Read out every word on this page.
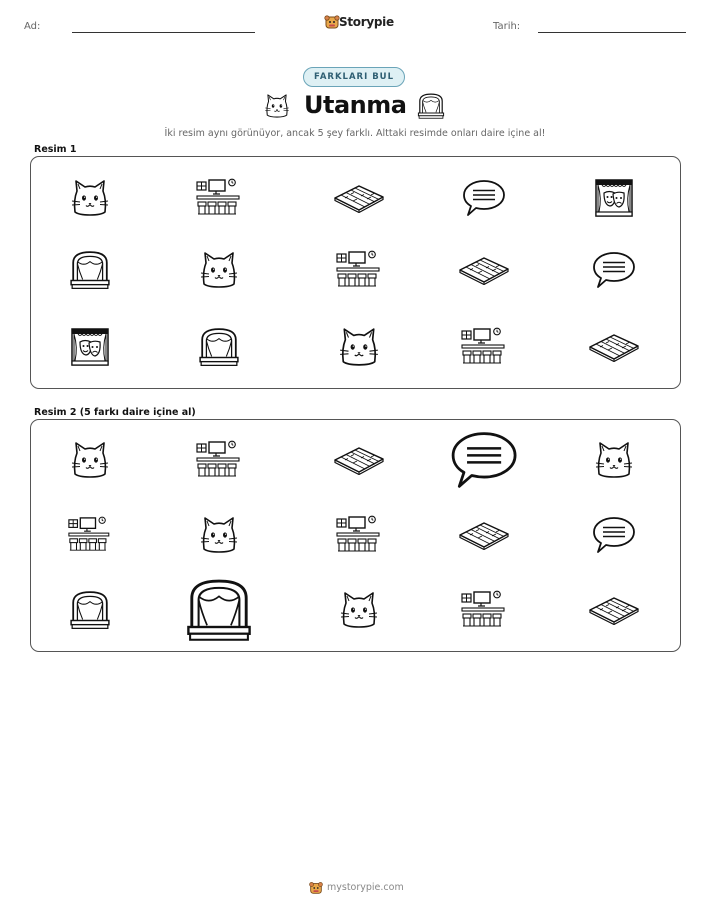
Ad:	Storypie	Tarih:
FARKLARI BUL
Utanma
İki resim aynı görünüyor, ancak 5 şey farklı. Alttaki resimde onları daire içine al!
Resim 1
Resim 2 (5 farkı daire içine al)
mystorypie.com
